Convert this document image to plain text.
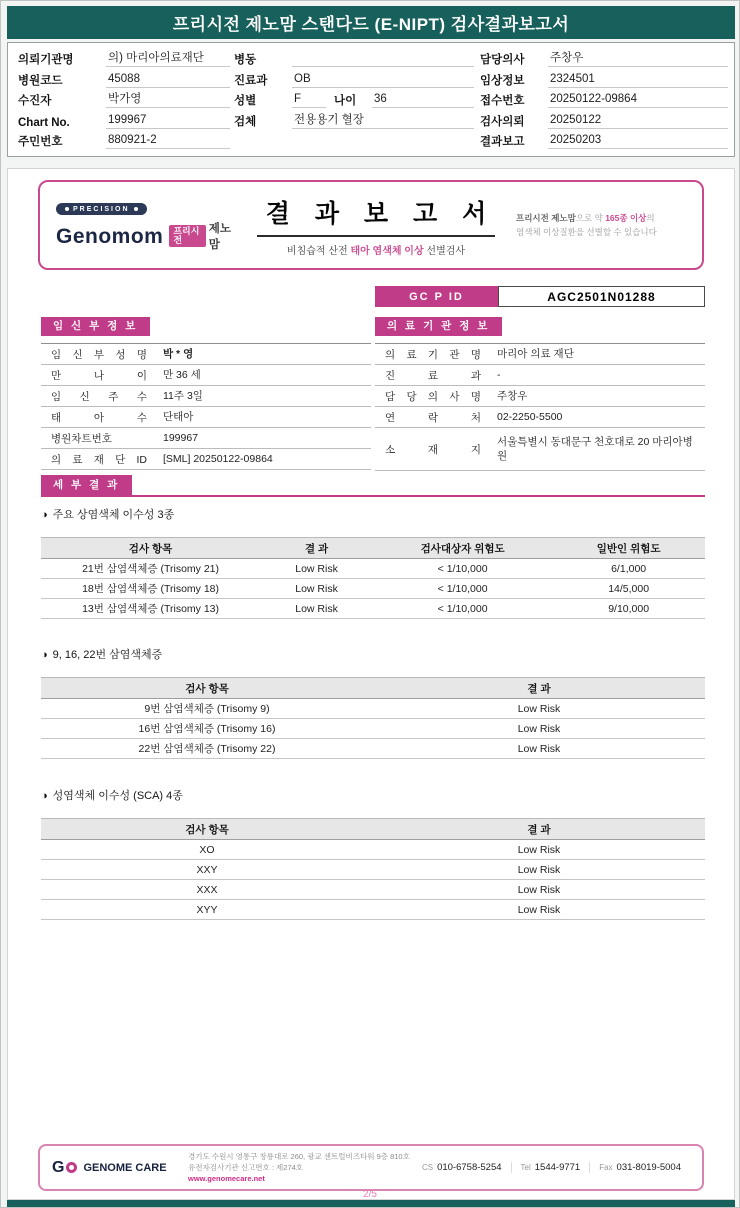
프리시전 제노맘 스탠다드 (E-NIPT) 검사결과보고서
의뢰기관명	의) 마리아의료재단
병원코드	45088
수진자	박가영
Chart No.	199967
주민번호	880921-2
병동
진료과	OB
성별	F	나이	36
검체	전용용기 혈장
담당의사	주창우
임상정보	2324501
접수번호	20250122-09864
검사의뢰	20250122
결과보고	20250203
PRECISION
Genomom	프리시전
제노맘
결 과 보 고 서
비침습적 산전 태아 염색체 이상 선별검사
프리시전 제노맘으로 약 165종 이상의
염색체 이상질환을 선별할 수 있습니다
GC P ID	AGC2501N01288
임 신 부 정 보
임 신 부 성 명 박 * 영
만 나 이 만 36 세
임 신 주 수 11주 3일
태 아 수 단태아
병원차트번호	199967
의 료 재 단 ID [SML] 20250122-09864
의 료 기 관 정 보
의 료 기 관 명 마리아 의료 재단
진 료 과 -
담 당 의 사 명 주창우
연 락 처 02-2250-5500
소 재 지
서울특별시 동대문구 천호대로 20 마리아병원
세 부 결 과
◑ 주요 상염색체 이수성 3종
검사 항목	결 과	검사대상자 위험도	일반인 위험도
21번 삼염색체증 (Trisomy 21)	Low Risk	< 1/10,000	6/1,000
18번 삼염색체증 (Trisomy 18)	Low Risk	< 1/10,000	14/5,000
13번 삼염색체증 (Trisomy 13)	Low Risk	< 1/10,000	9/10,000
◑ 9, 16, 22번 삼염색체증
검사 항목	결 과
9번 삼염색체증 (Trisomy 9)	Low Risk
16번 삼염색체증 (Trisomy 16)	Low Risk
22번 삼염색체증 (Trisomy 22)	Low Risk
◑ 성염색체 이수성 (SCA) 4종
검사 항목	결 과
XO	Low Risk
XXY	Low Risk
XXX	Low Risk
XYY	Low Risk
G GENOME CARE
경기도 수원시 영통구 창룡대로 260, 광교 센트럴비즈타워 9층 810호
유전자검사기관 신고번호 : 제274호
www.genomecare.net
CS 010-6758-5254 Tel 1544-9771 Fax 031-8019-5004
2/5
